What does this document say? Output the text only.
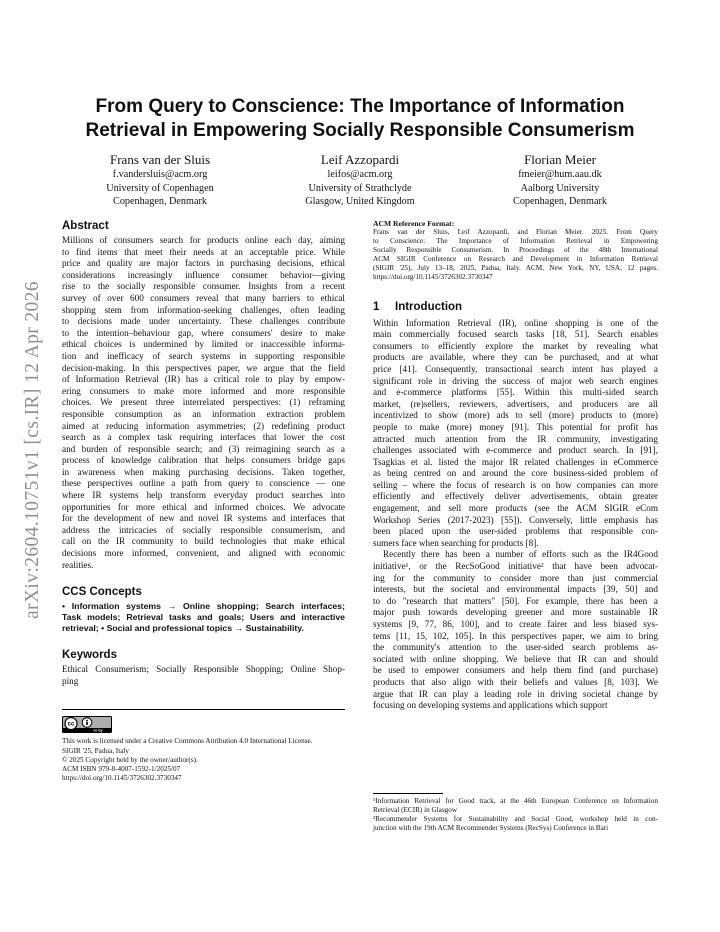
arXiv:2604.10751v1 [cs.IR] 12 Apr 2026
From Query to Conscience: The Importance of Information
Retrieval in Empowering Socially Responsible Consumerism
Frans van der Sluis
f.vandersluis@acm.org
University of Copenhagen
Copenhagen, Denmark
Leif Azzopardi
leifos@acm.org
University of Strathclyde
Glasgow, United Kingdom
Florian Meier
fmeier@hum.aau.dk
Aalborg University
Copenhagen, Denmark
Abstract
Millions of consumers search for products online each day, aiming
to find items that meet their needs at an acceptable price. While
price and quality are major factors in purchasing decisions, ethical
considerations increasingly influence consumer behavior—giving
rise to the socially responsible consumer. Insights from a recent
survey of over 600 consumers reveal that many barriers to ethical
shopping stem from information-seeking challenges, often leading
to decisions made under uncertainty. These challenges contribute
to the intention–behaviour gap, where consumers' desire to make
ethical choices is undermined by limited or inaccessible informa-
tion and inefficacy of search systems in supporting responsible
decision-making. In this perspectives paper, we argue that the field
of Information Retrieval (IR) has a critical role to play by empow-
ering consumers to make more informed and more responsible
choices. We present three interrelated perspectives: (1) reframing
responsible consumption as an information extraction problem
aimed at reducing information asymmetries; (2) redefining product
search as a complex task requiring interfaces that lower the cost
and burden of responsible search; and (3) reimagining search as a
process of knowledge calibration that helps consumers bridge gaps
in awareness when making purchasing decisions. Taken together,
these perspectives outline a path from query to conscience — one
where IR systems help transform everyday product searches into
opportunities for more ethical and informed choices. We advocate
for the development of new and novel IR systems and interfaces that
address the intricacies of socially responsible consumerism, and
call on the IR community to build technologies that make ethical
decisions more informed, convenient, and aligned with economic
realities.
CCS Concepts
• Information systems → Online shopping; Search interfaces;
Task models; Retrieval tasks and goals; Users and interactive
retrieval; • Social and professional topics → Sustainability.
Keywords
Ethical Consumerism; Socially Responsible Shopping; Online Shop-
ping
cc
cc by
This work is licensed under a Creative Commons Attribution 4.0 International License.
SIGIR '25, Padua, Italy
© 2025 Copyright held by the owner/author(s).
ACM ISBN 979-8-4007-1592-1/2025/07
https://doi.org/10.1145/3726302.3730347
ACM Reference Format:
Frans van der Sluis, Leif Azzopardi, and Florian Meier. 2025. From Query
to Conscience: The Importance of Information Retrieval in Empowering
Socially Responsible Consumerism. In Proceedings of the 48th International
ACM SIGIR Conference on Research and Development in Information Retrieval
(SIGIR '25), July 13–18, 2025, Padua, Italy. ACM, New York, NY, USA, 12 pages.
https://doi.org/10.1145/3726302.3730347
1 Introduction
Within Information Retrieval (IR), online shopping is one of the
main commercially focused search tasks [18, 51]. Search enables
consumers to efficiently explore the market by revealing what
products are available, where they can be purchased, and at what
price [41]. Consequently, transactional search intent has played a
significant role in driving the success of major web search engines
and e-commerce platforms [55]. Within this multi-sided search
market, (re)sellers, reviewers, advertisers, and producers are all
incentivized to show (more) ads to sell (more) products to (more)
people to make (more) money [91]. This potential for profit has
attracted much attention from the IR community, investigating
challenges associated with e-commerce and product search. In [91],
Tsagkias et al. listed the major IR related challenges in eCommerce
as being centred on and around the core business-sided problem of
selling – where the focus of research is on how companies can more
efficiently and effectively deliver advertisements, obtain greater
engagement, and sell more products (see the ACM SIGIR eCom
Workshop Series (2017-2023) [55]). Conversely, little emphasis has
been placed upon the user-sided problems that responsible con-
sumers face when searching for products [8].
Recently there has been a number of efforts such as the IR4Good
initiative¹, or the RecSoGood initiative² that have been advocat-
ing for the community to consider more than just commercial
interests, but the societal and environmental impacts [39, 50] and
to do "research that matters" [50]. For example, there has been a
major push towards developing greener and more sustainable IR
systems [9, 77, 86, 100], and to create fairer and less biased sys-
tems [11, 15, 102, 105]. In this perspectives paper, we aim to bring
the community's attention to the user-sided search problems as-
sociated with online shopping. We believe that IR can and should
be used to empower consumers and help them find (and purchase)
products that also align with their beliefs and values [8, 103]. We
argue that IR can play a leading role in driving societal change by
focusing on developing systems and applications which support
¹Information Retrieval for Good track, at the 46th European Conference on Information
Retrieval (ECIR) in Glasgow
²Recommender Systems for Sustainability and Social Good, workshop held in con-
junction with the 19th ACM Recommender Systems (RecSys) Conference in Bari
